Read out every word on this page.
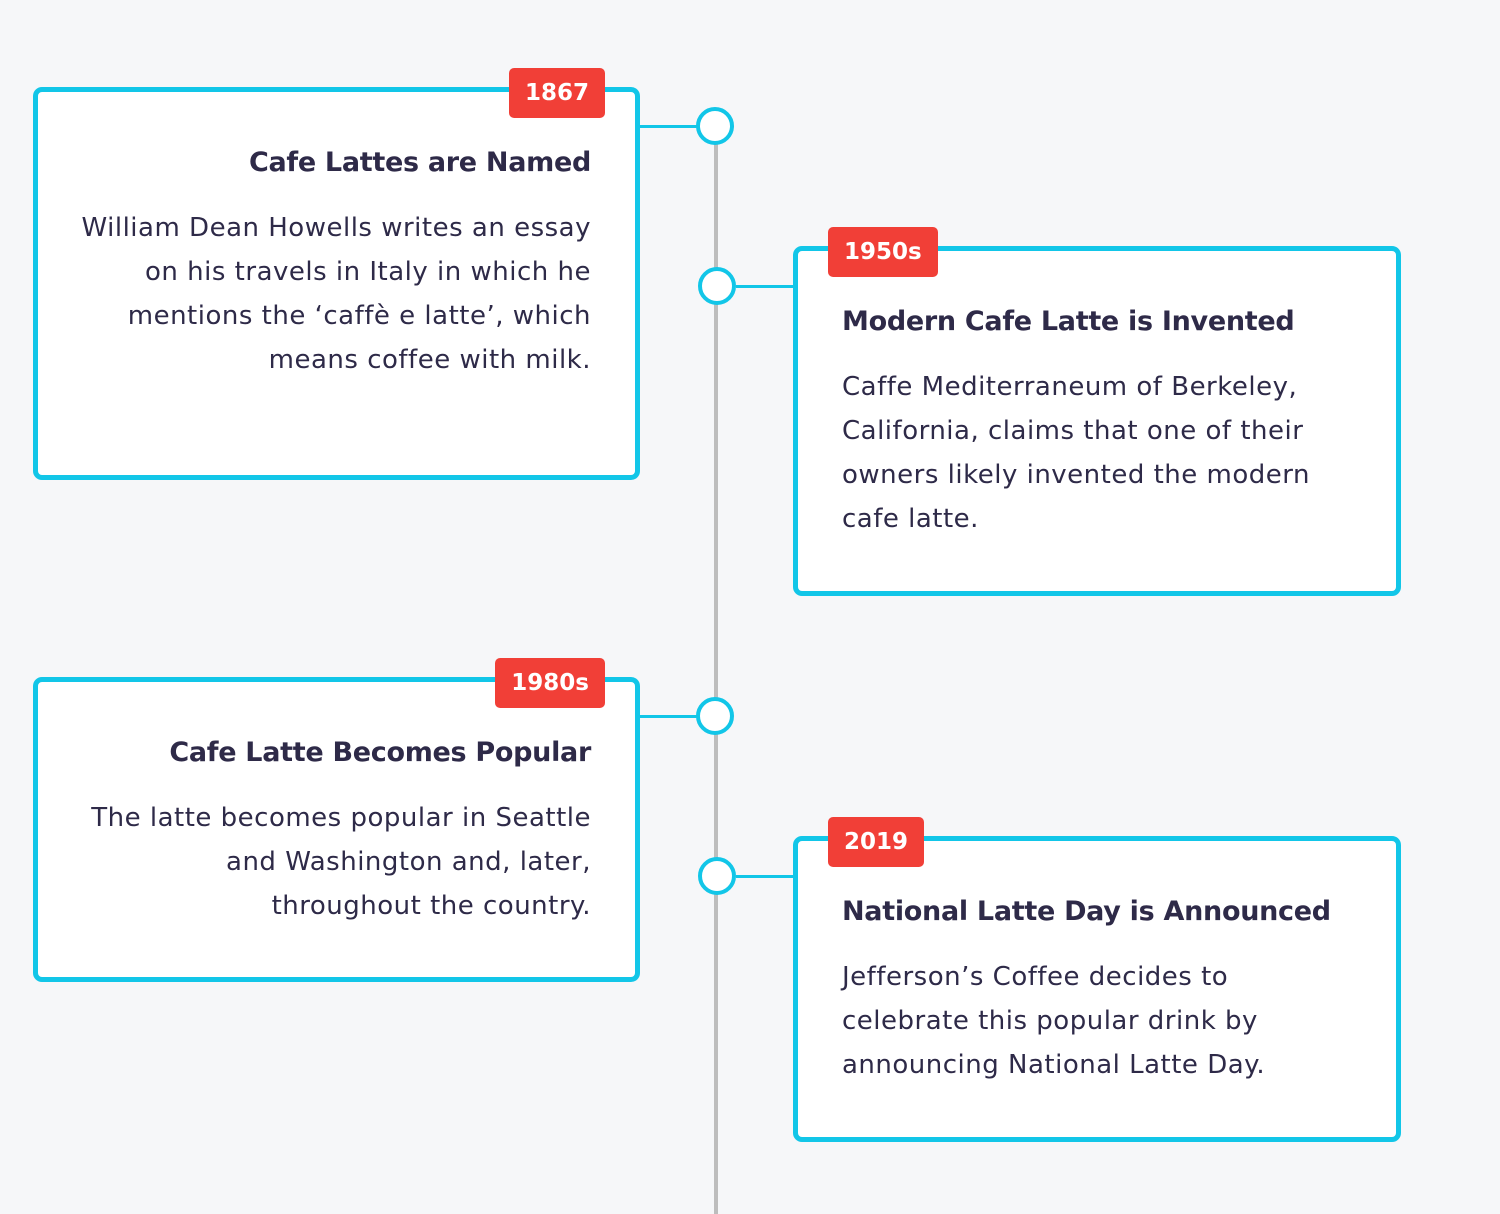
1867
Cafe Lattes are Named
William Dean Howells writes an essay on his travels in Italy in which he mentions the ‘caffè e latte’, which means coffee with milk.
1950s
Modern Cafe Latte is Invented
Caffe Mediterraneum of Berkeley, California, claims that one of their owners likely invented the modern cafe latte.
1980s
Cafe Latte Becomes Popular
The latte becomes popular in Seattle and Washington and, later, throughout the country.
2019
National Latte Day is Announced
Jefferson’s Coffee decides to celebrate this popular drink by announcing National Latte Day.
